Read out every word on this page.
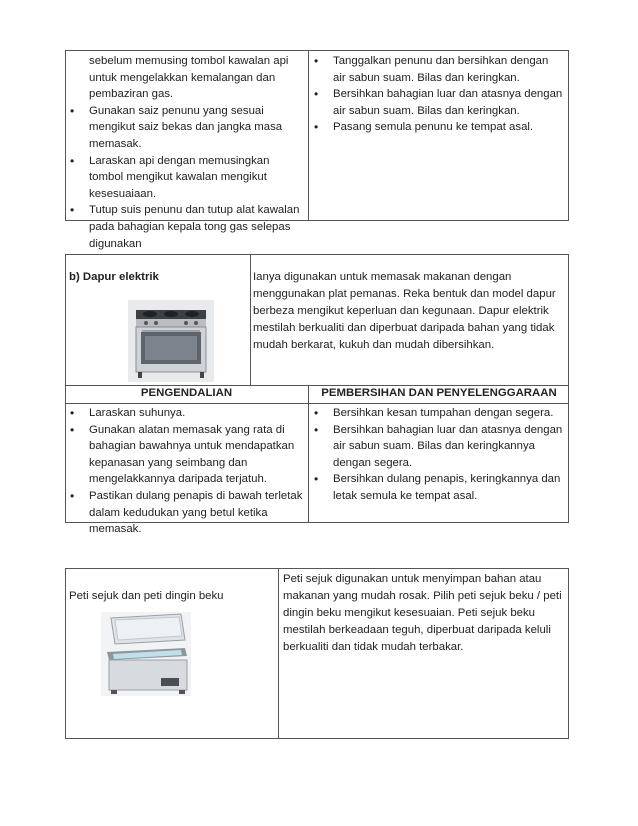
sebelum memusing tombol kawalan api untuk mengelakkan kemalangan dan pembaziran gas.
• Gunakan saiz penunu yang sesuai mengikut saiz bekas dan jangka masa memasak.
• Laraskan api dengan memusingkan tombol mengikut kawalan mengikut kesesuaiaan.
• Tutup suis penunu dan tutup alat kawalan pada bahagian kepala tong gas selepas digunakan
• Tanggalkan penunu dan bersihkan dengan air sabun suam. Bilas dan keringkan.
• Bersihkan bahagian luar dan atasnya dengan air sabun suam. Bilas dan keringkan.
• Pasang semula penunu ke tempat asal.
b) Dapur elektrik	Ianya digunakan untuk memasak makanan dengan menggunakan plat pemanas. Reka bentuk dan model dapur berbeza mengikut keperluan dan kegunaan. Dapur elektrik mestilah berkualiti dan diperbuat daripada bahan yang tidak mudah berkarat, kukuh dan mudah dibersihkan.
PENGENDALIAN	PEMBERSIHAN DAN PENYELENGGARAAN
• Laraskan suhunya.
• Gunakan alatan memasak yang rata di bahagian bawahnya untuk mendapatkan kepanasan yang seimbang dan mengelakkannya daripada terjatuh.
• Pastikan dulang penapis di bawah terletak dalam kedudukan yang betul ketika memasak.
• Bersihkan kesan tumpahan dengan segera.
• Bersihkan bahagian luar dan atasnya dengan air sabun suam. Bilas dan keringkannya dengan segera.
• Bersihkan dulang penapis, keringkannya dan letak semula ke tempat asal.
Peti sejuk dan peti dingin beku
Peti sejuk digunakan untuk menyimpan bahan atau makanan yang mudah rosak. Pilih peti sejuk beku / peti dingin beku mengikut kesesuaian. Peti sejuk beku mestilah berkeadaan teguh, diperbuat daripada keluli berkualiti dan tidak mudah terbakar.
